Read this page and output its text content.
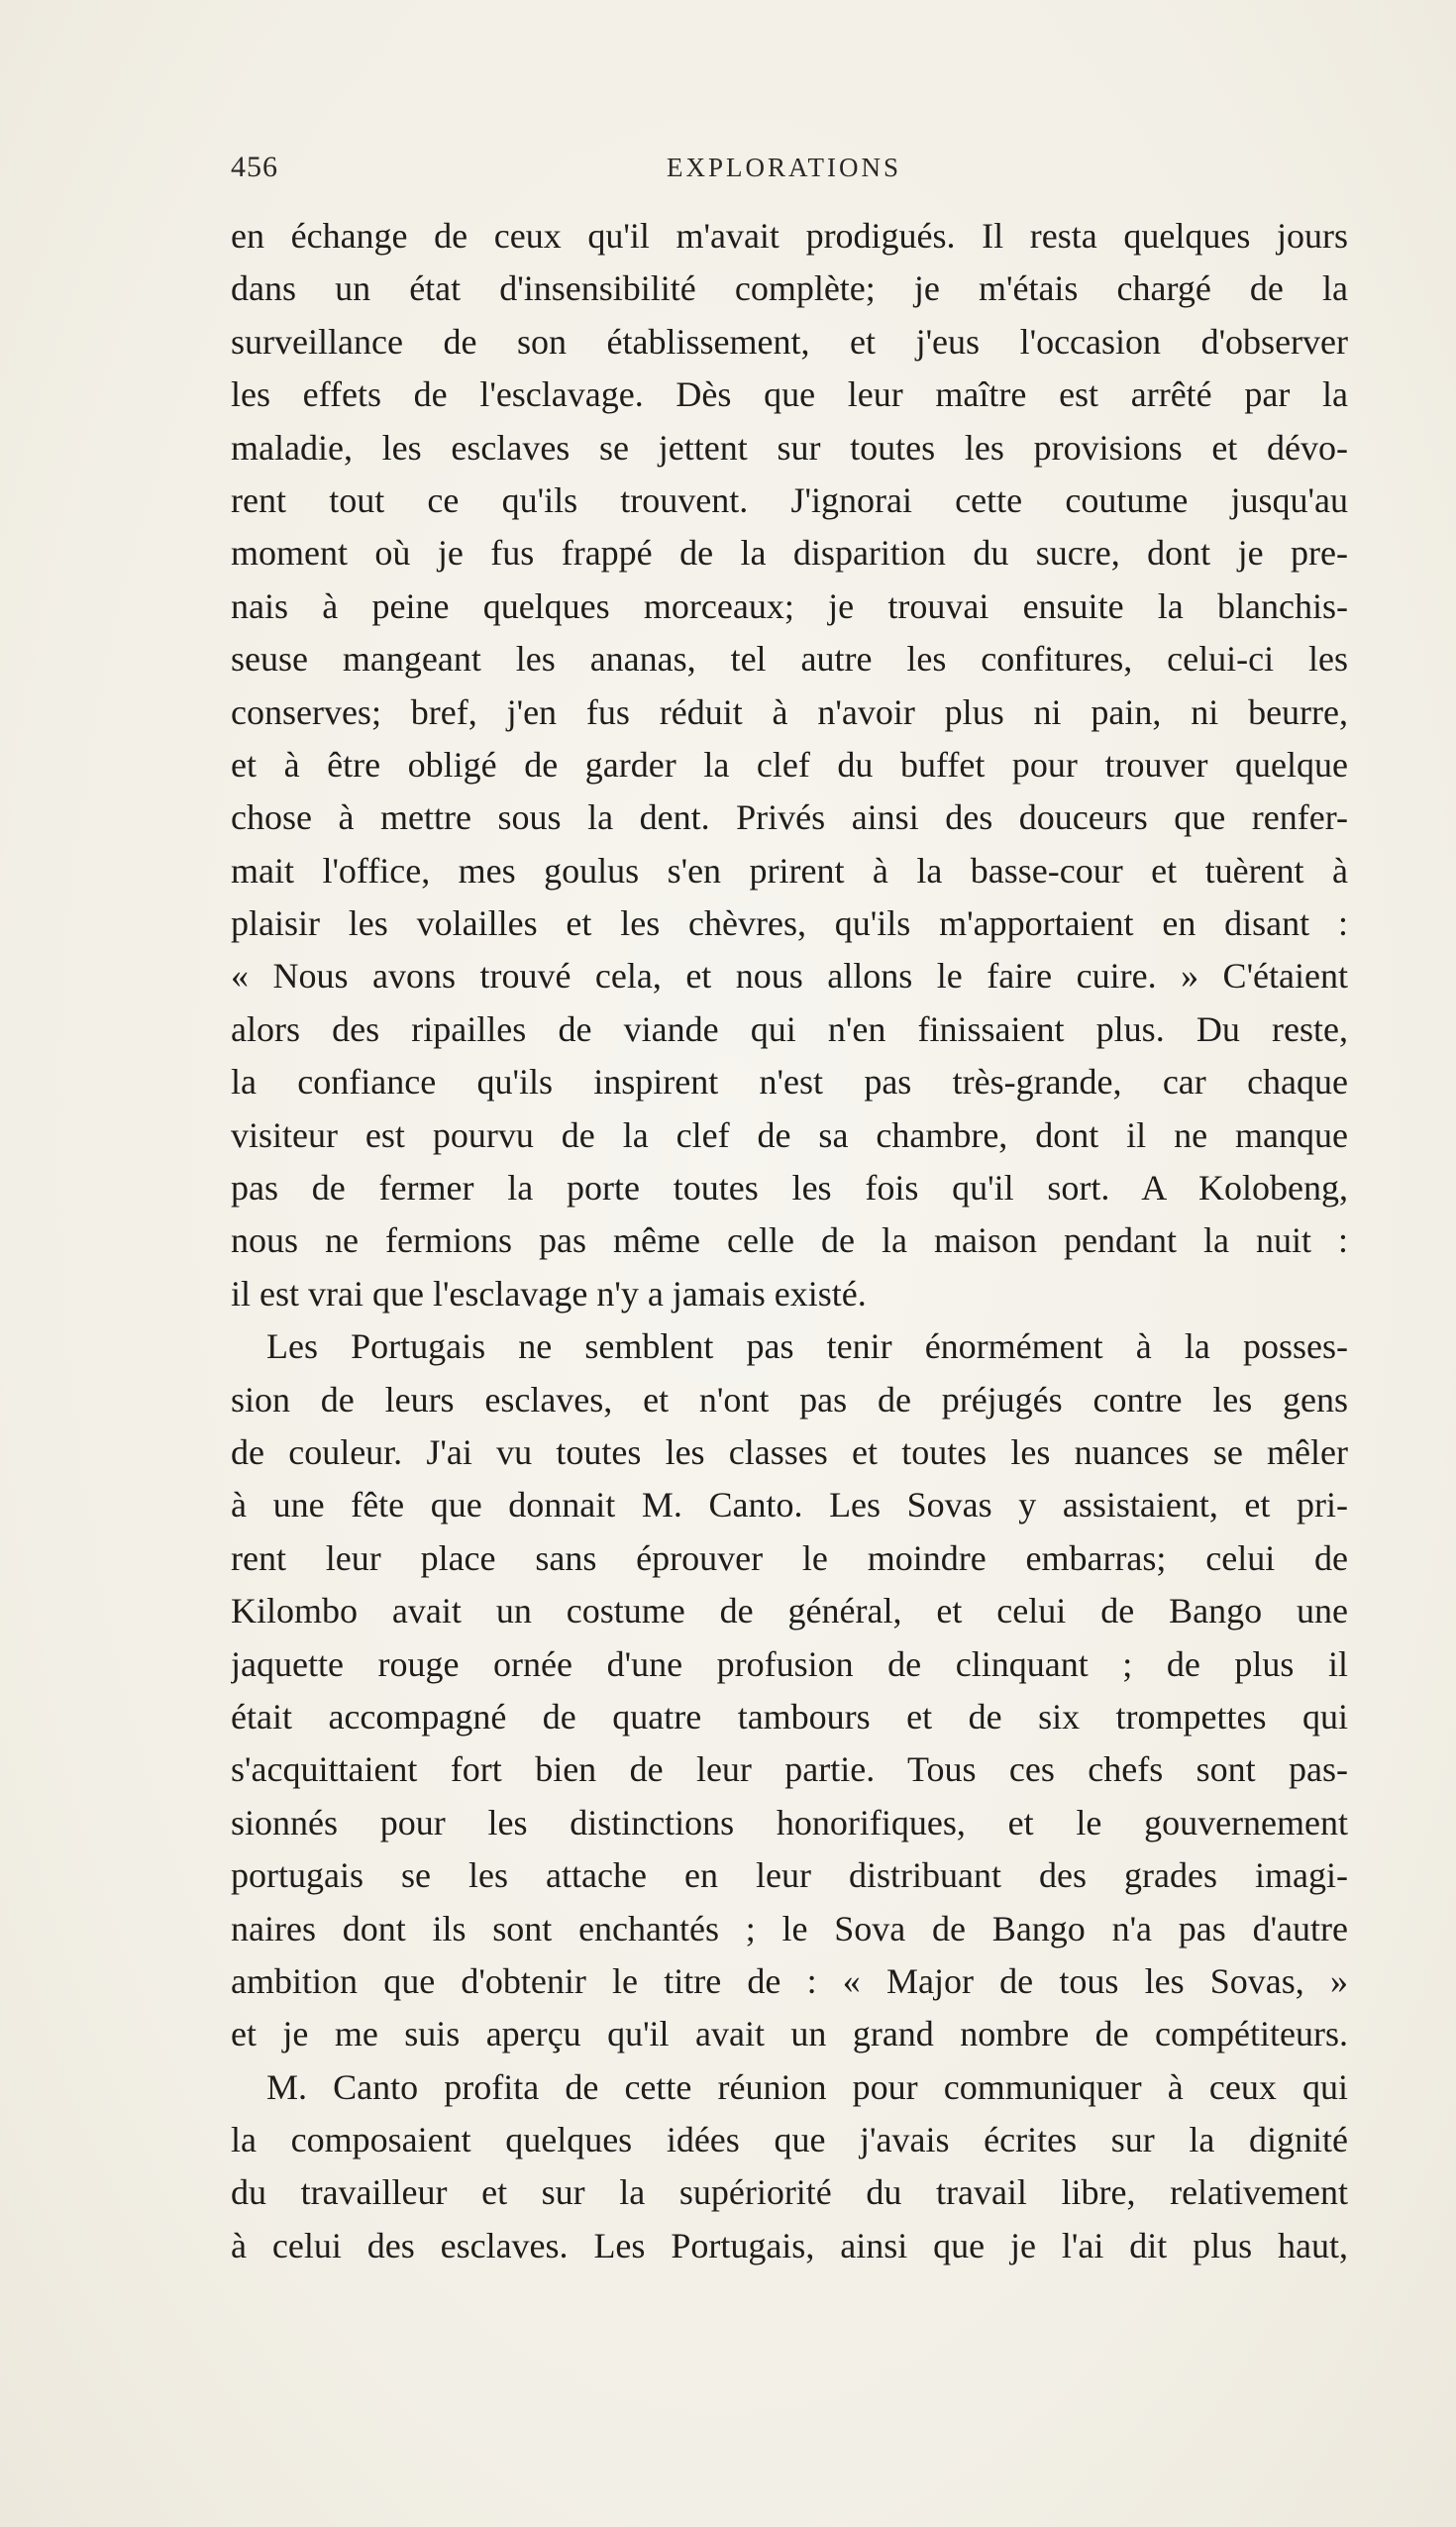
456	EXPLORATIONS
en échange de ceux qu'il m'avait prodigués. Il resta quelques jours
dans un état d'insensibilité complète; je m'étais chargé de la
surveillance de son établissement, et j'eus l'occasion d'observer
les effets de l'esclavage. Dès que leur maître est arrêté par la
maladie, les esclaves se jettent sur toutes les provisions et dévo-
rent tout ce qu'ils trouvent. J'ignorai cette coutume jusqu'au
moment où je fus frappé de la disparition du sucre, dont je pre-
nais à peine quelques morceaux; je trouvai ensuite la blanchis-
seuse mangeant les ananas, tel autre les confitures, celui-ci les
conserves; bref, j'en fus réduit à n'avoir plus ni pain, ni beurre,
et à être obligé de garder la clef du buffet pour trouver quelque
chose à mettre sous la dent. Privés ainsi des douceurs que renfer-
mait l'office, mes goulus s'en prirent à la basse-cour et tuèrent à
plaisir les volailles et les chèvres, qu'ils m'apportaient en disant :
« Nous avons trouvé cela, et nous allons le faire cuire. » C'étaient
alors des ripailles de viande qui n'en finissaient plus. Du reste,
la confiance qu'ils inspirent n'est pas très-grande, car chaque
visiteur est pourvu de la clef de sa chambre, dont il ne manque
pas de fermer la porte toutes les fois qu'il sort. A Kolobeng,
nous ne fermions pas même celle de la maison pendant la nuit :
il est vrai que l'esclavage n'y a jamais existé.
Les Portugais ne semblent pas tenir énormément à la posses-
sion de leurs esclaves, et n'ont pas de préjugés contre les gens
de couleur. J'ai vu toutes les classes et toutes les nuances se mêler
à une fête que donnait M. Canto. Les Sovas y assistaient, et pri-
rent leur place sans éprouver le moindre embarras; celui de
Kilombo avait un costume de général, et celui de Bango une
jaquette rouge ornée d'une profusion de clinquant ; de plus il
était accompagné de quatre tambours et de six trompettes qui
s'acquittaient fort bien de leur partie. Tous ces chefs sont pas-
sionnés pour les distinctions honorifiques, et le gouvernement
portugais se les attache en leur distribuant des grades imagi-
naires dont ils sont enchantés ; le Sova de Bango n'a pas d'autre
ambition que d'obtenir le titre de : « Major de tous les Sovas, »
et je me suis aperçu qu'il avait un grand nombre de compétiteurs.
M. Canto profita de cette réunion pour communiquer à ceux qui
la composaient quelques idées que j'avais écrites sur la dignité
du travailleur et sur la supériorité du travail libre, relativement
à celui des esclaves. Les Portugais, ainsi que je l'ai dit plus haut,
